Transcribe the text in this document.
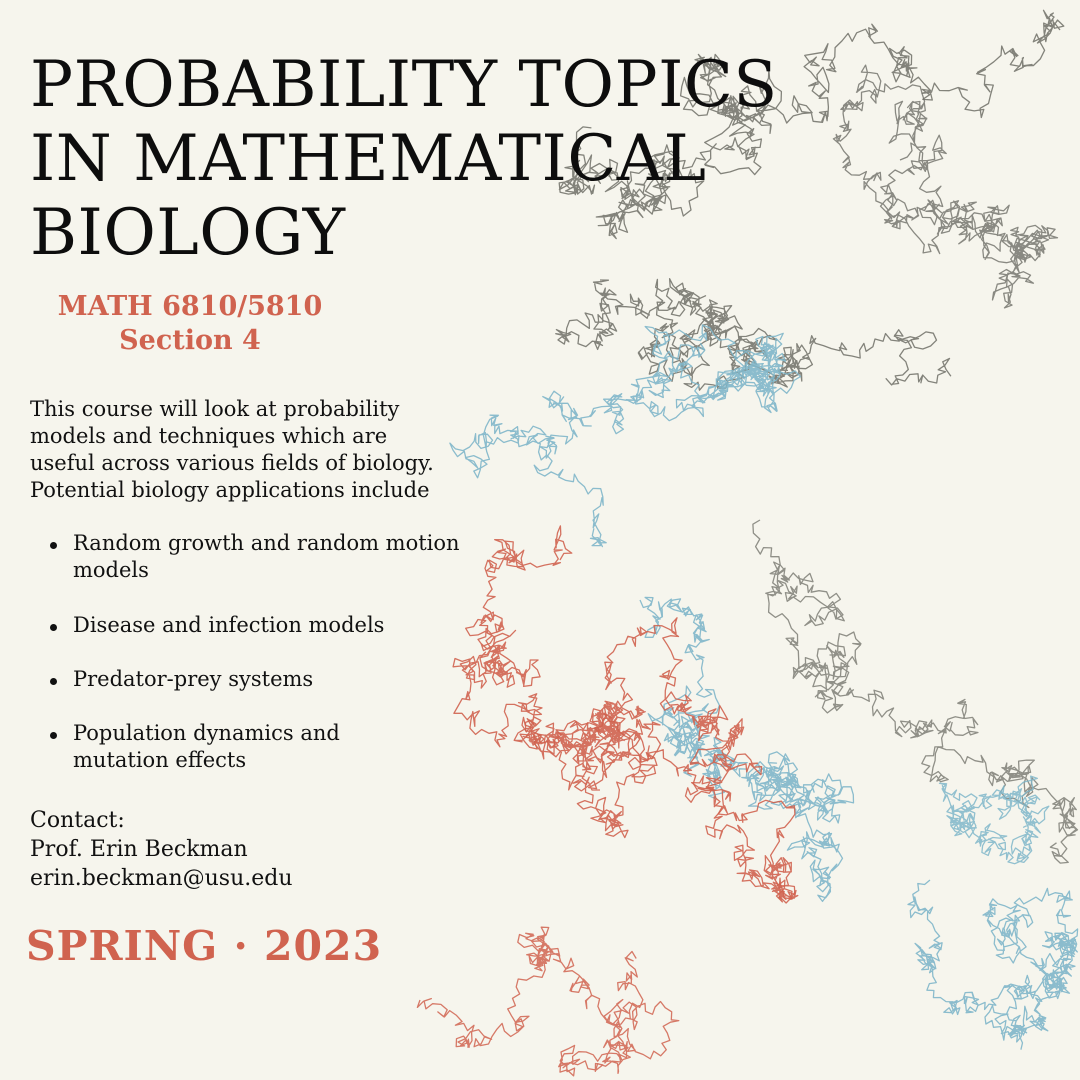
PROBABILITY TOPICS
IN MATHEMATICAL
BIOLOGY
MATH 6810/5810
Section 4
This course will look at probability
models and techniques which are
useful across various fields of biology.
Potential biology applications include
Random growth and random motion models
Disease and infection models
Predator-prey systems
Population dynamics and mutation effects
Contact:
Prof. Erin Beckman
erin.beckman@usu.edu
SPRING · 2023
